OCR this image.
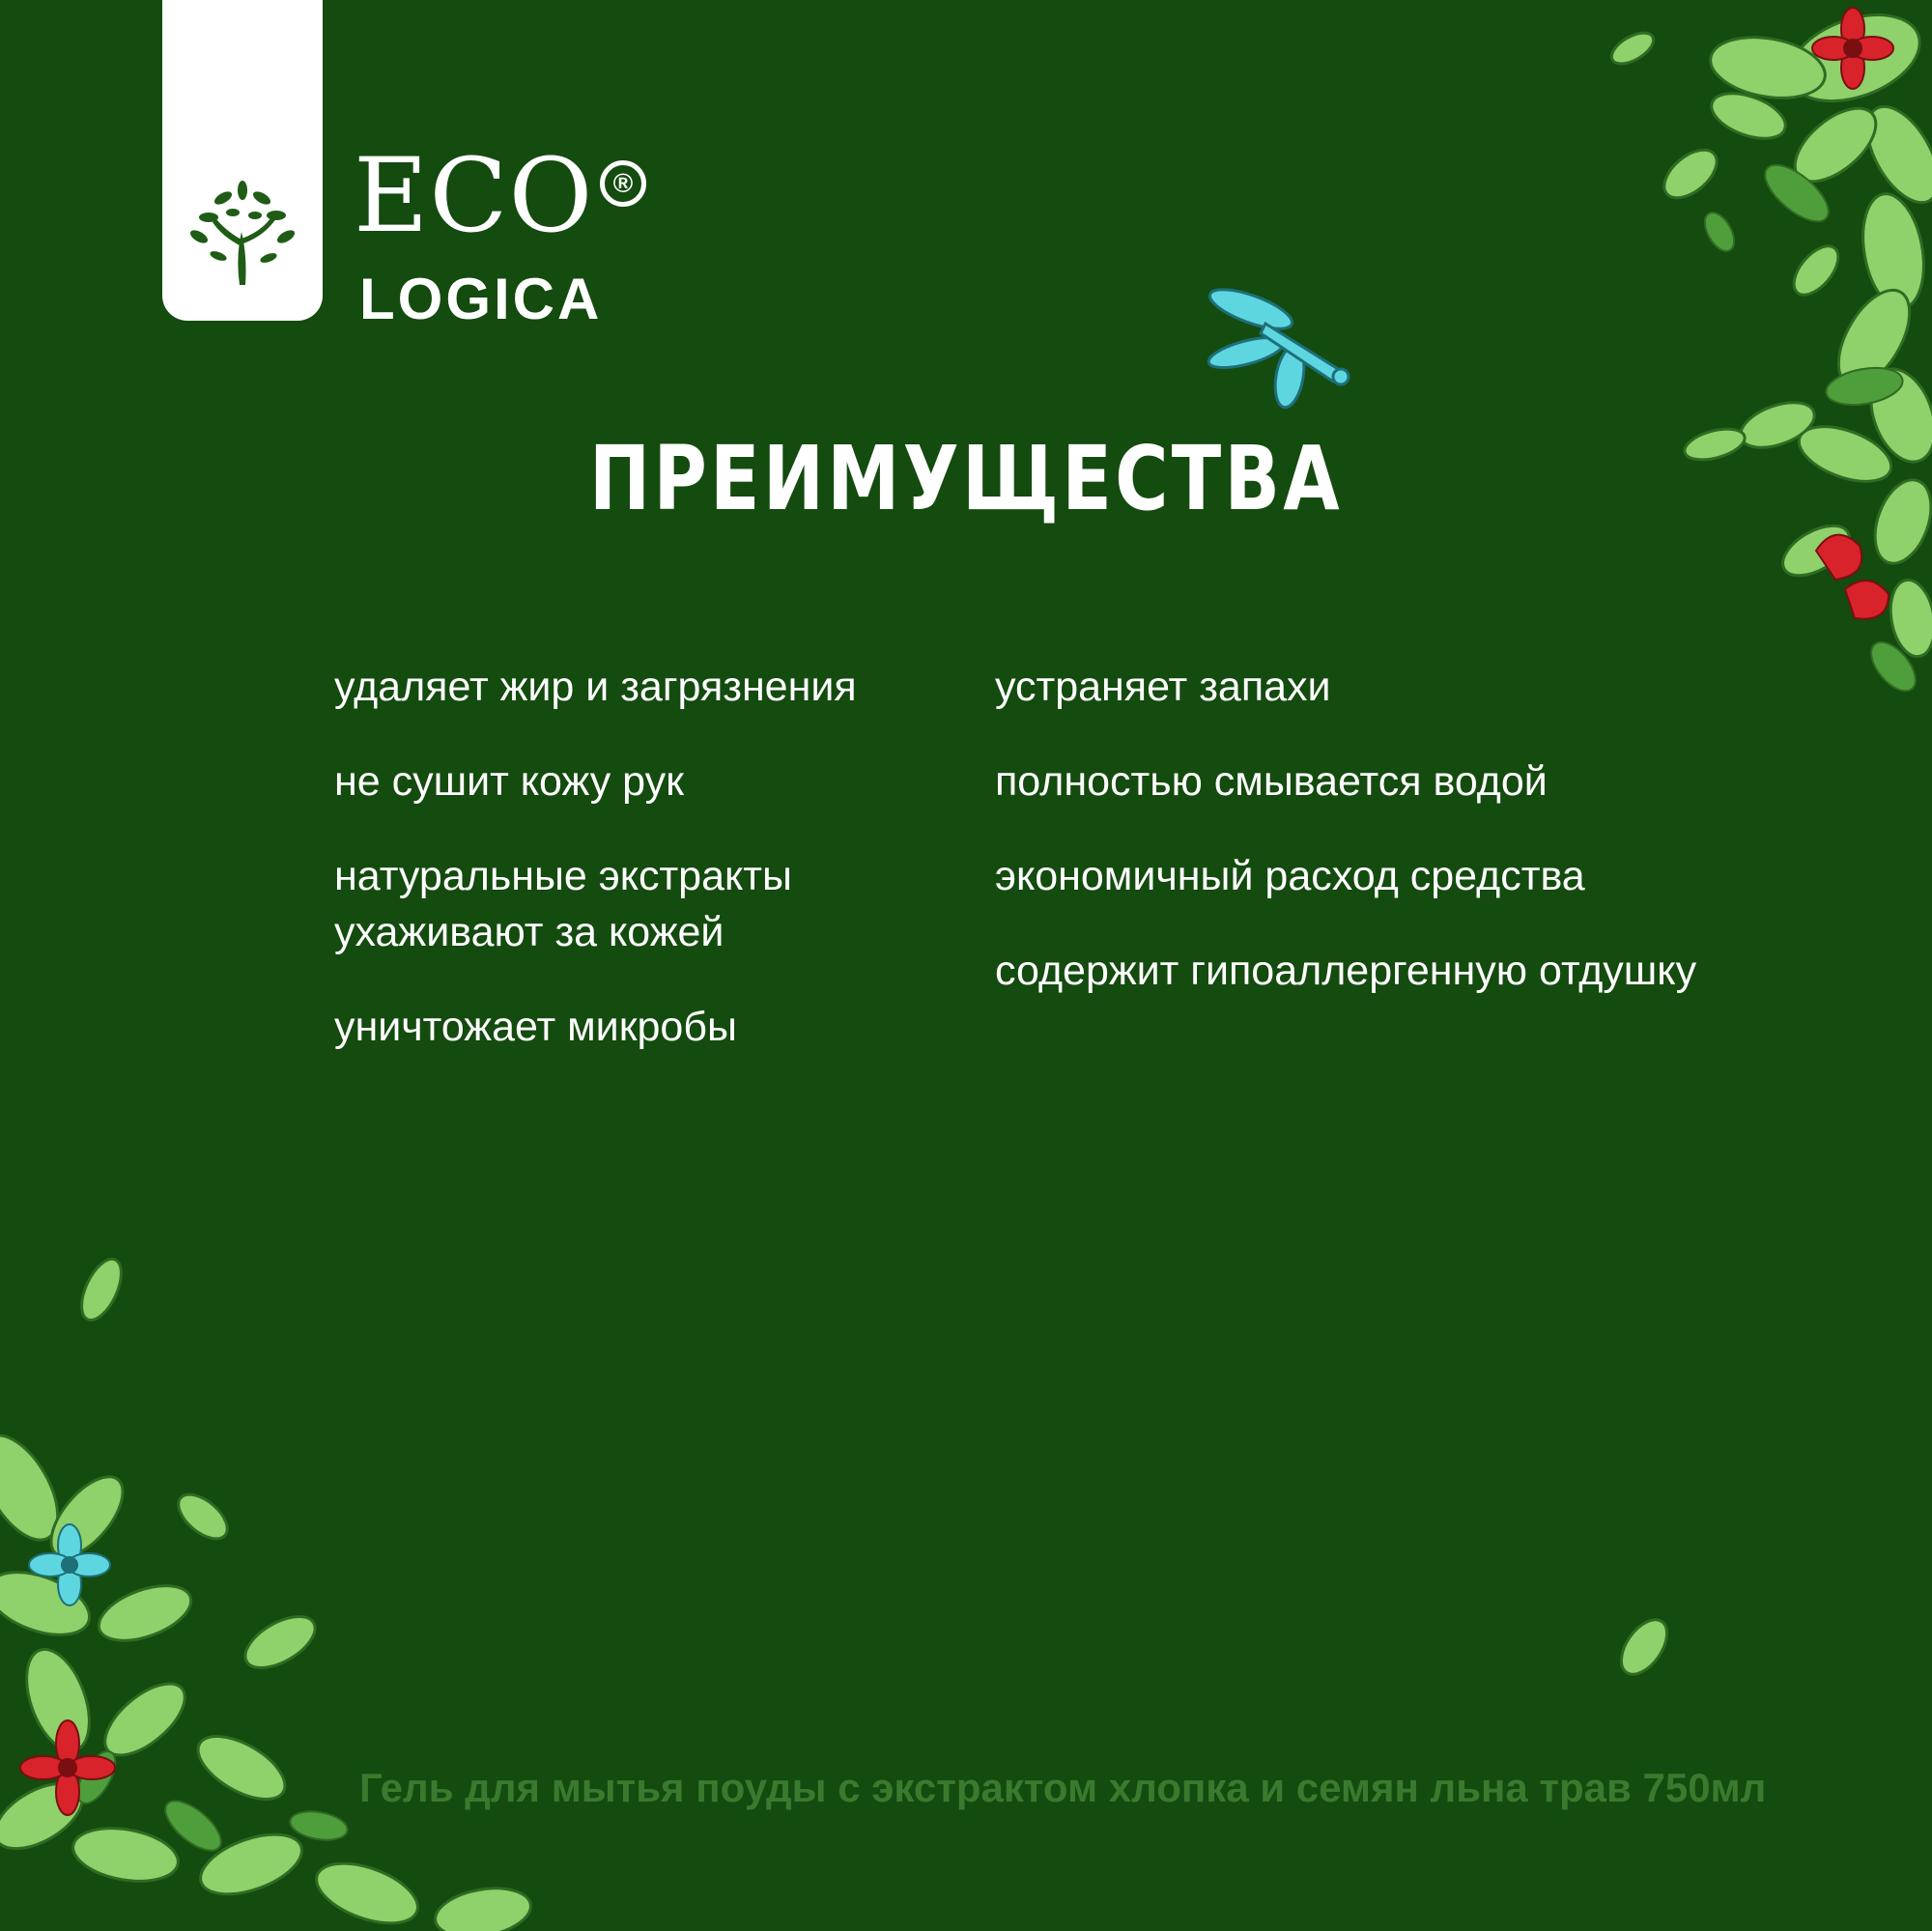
ECO
LOGICA
®
ПРЕИМУЩЕСТВА
удаляет жир и загрязнения
не сушит кожу рук
натуральные экстракты
ухаживают за кожей
уничтожает микробы
устраняет запахи
полностью смывается водой
экономичный расход средства
содержит гипоаллергенную отдушку
Гель для мытья поуды с экстрактом хлопка и семян льна трав 750мл
